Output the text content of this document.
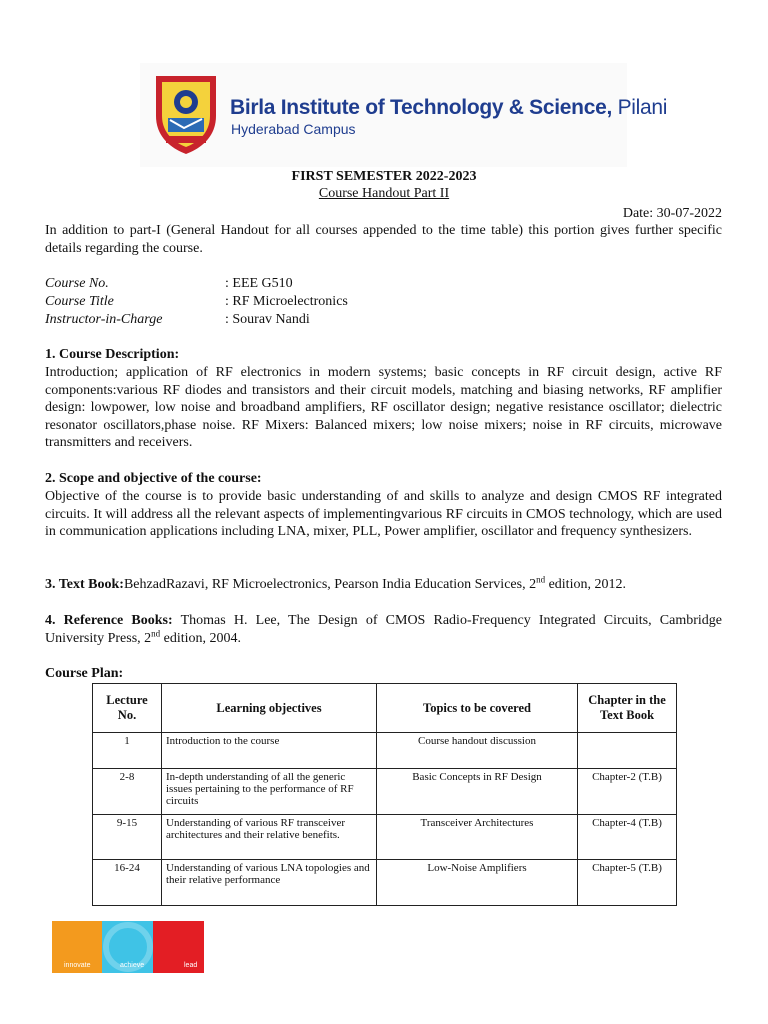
Birla Institute of Technology & Science, Pilani
Hyderabad Campus
FIRST SEMESTER 2022-2023
Course Handout Part II
Date: 30-07-2022
In addition to part-I (General Handout for all courses appended to the time table) this portion gives further specific details regarding the course.
Course No.	: EEE G510
Course Title	: RF Microelectronics
Instructor-in-Charge	: Sourav Nandi
1. Course Description:
Introduction; application of RF electronics in modern systems; basic concepts in RF circuit design, active RF components:various RF diodes and transistors and their circuit models, matching and biasing networks, RF amplifier design: lowpower, low noise and broadband amplifiers, RF oscillator design; negative resistance oscillator; dielectric resonator oscillators,phase noise. RF Mixers: Balanced mixers; low noise mixers; noise in RF circuits, microwave transmitters and receivers.
2. Scope and objective of the course:
Objective of the course is to provide basic understanding of and skills to analyze and design CMOS RF integrated circuits. It will address all the relevant aspects of implementingvarious RF circuits in CMOS technology, which are used in communication applications including LNA, mixer, PLL, Power amplifier, oscillator and frequency synthesizers.
3. Text Book:BehzadRazavi, RF Microelectronics, Pearson India Education Services, 2nd edition, 2012.
4. Reference Books: Thomas H. Lee, The Design of CMOS Radio-Frequency Integrated Circuits, Cambridge University Press, 2nd edition, 2004.
Course Plan:
Lecture No.	Learning objectives	Topics to be covered	Chapter in the Text Book
1	Introduction to the course	Course handout discussion	
2-8	In-depth understanding of all the generic issues pertaining to the performance of RF circuits	Basic Concepts in RF Design	Chapter-2 (T.B)
9-15	Understanding of various RF transceiver architectures and their relative benefits.	Transceiver Architectures	Chapter-4 (T.B)
16-24	Understanding of various LNA topologies and their relative performance	Low-Noise Amplifiers	Chapter-5 (T.B)
innovate	achieve	lead
